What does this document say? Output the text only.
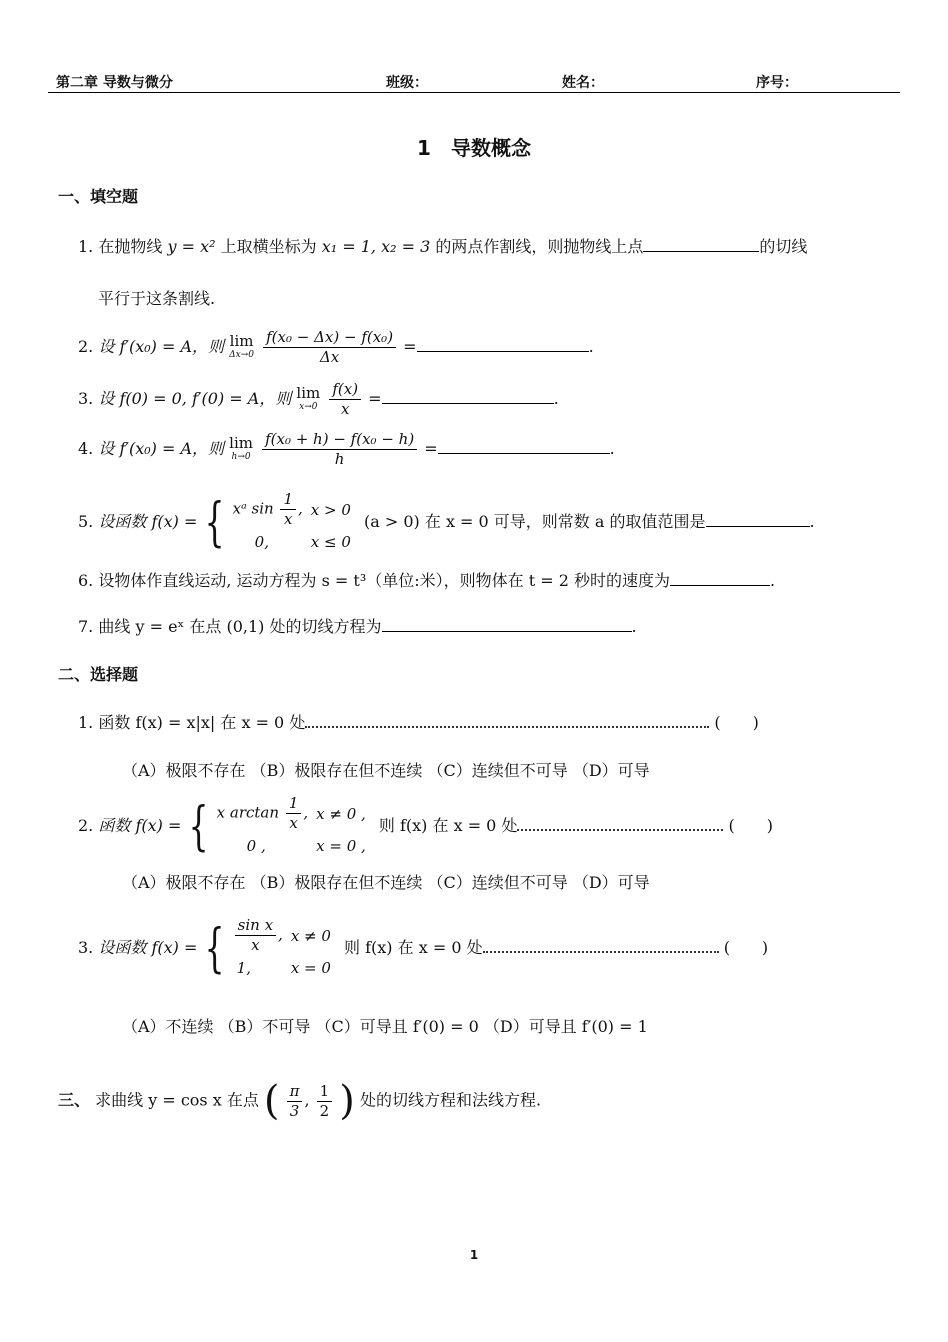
第二章 导数与微分	班级：	姓名：	序号：
1　导数概念
一、填空题
1. 在抛物线 y = x² 上取横坐标为 x₁ = 1, x₂ = 3 的两点作割线，则抛物线上点	的切线
平行于这条割线.
2. 设 f′(x₀) = A，则 lim
Δx→0
$\frac{\text{f(x₀ − Δx) − f(x₀)}}{\Delta x}$ =	.
3. 设 f(0) = 0, f′(0) = A，则 lim
x→0
$\frac{f(x)}{x}$ =	.
4. 设 f′(x₀) = A，则 lim
h→0
$\frac{\text{f(x₀ + h) − f(x₀ − h)}}{h}$ =	.
5. 设函数 f(x) = { xᵃ $\sin \frac{1}{x}$ ,	x > 0
0,	x ≤ 0 (a > 0) 在 x = 0 可导，则常数 a 的取值范围是	.
6. 设物体作直线运动, 运动方程为 s = t³（单位:米），则物体在 t = 2 秒时的速度为	.
7. 曲线 y = eˣ 在点 (0,1) 处的切线方程为	.
二、选择题
1. 函数 f(x) = x|x| 在 x = 0 处	(　　)
（A）极限不存在 （B）极限存在但不连续 （C）连续但不可导 （D）可导
2. 函数 f(x) = { x $\arctan \frac{1}{x}$ ,	x ≠ 0 ,
0 ,	x = 0 , 则 f(x) 在 x = 0 处	(　　)
（A）极限不存在 （B）极限存在但不连续 （C）连续但不可导 （D）可导
3. 设函数 f(x) = { $\frac{\text{sin x}}{x}$ ,	x ≠ 0
1,	x = 0 则 f(x) 在 x = 0 处	(　　)
（A）不连续 （B）不可导 （C）可导且 f′(0) = 0 （D）可导且 f′(0) = 1
三、 求曲线 y = cos x 在点 ( $\frac{\pi}{3}$ , $\frac{1}{2}$ ) 处的切线方程和法线方程.
1
